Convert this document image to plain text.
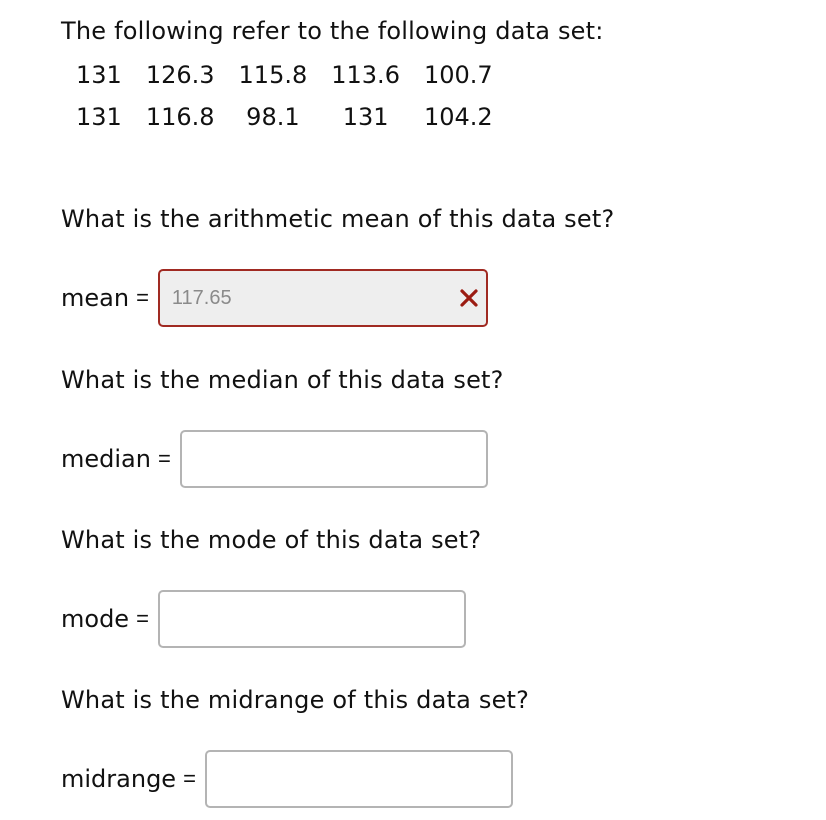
The following refer to the following data set:
131	126.3	115.8	113.6	100.7
131	116.8	98.1	131	104.2
What is the arithmetic mean of this data set?
mean =
117.65
What is the median of this data set?
median =
What is the mode of this data set?
mode =
What is the midrange of this data set?
midrange =
